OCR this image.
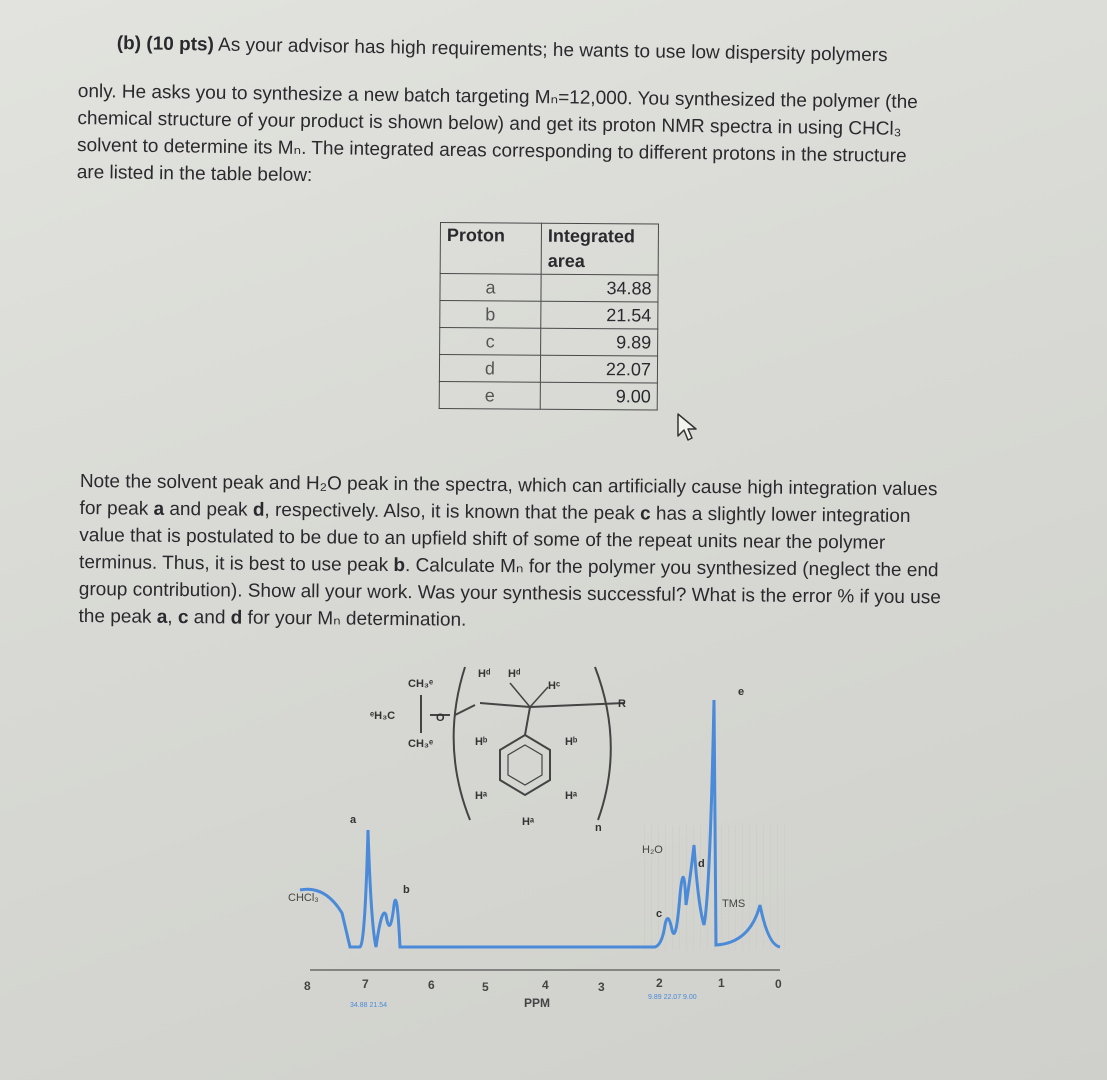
(b) (10 pts) As your advisor has high requirements; he wants to use low dispersity polymers
only. He asks you to synthesize a new batch targeting Mₙ=12,000. You synthesized the polymer (the
chemical structure of your product is shown below) and get its proton NMR spectra in using CHCl₃
solvent to determine its Mₙ. The integrated areas corresponding to different protons in the structure
are listed in the table below:
Proton	Integrated area
a	34.88
b	21.54
c	9.89
d	22.07
e	9.00
Note the solvent peak and H₂O peak in the spectra, which can artificially cause high integration values
for peak a and peak d, respectively. Also, it is known that the peak c has a slightly lower integration
value that is postulated to be due to an upfield shift of some of the repeat units near the polymer
terminus. Thus, it is best to use peak b. Calculate Mₙ for the polymer you synthesized (neglect the end
group contribution). Show all your work. Was your synthesis successful? What is the error % if you use
the peak a, c and d for your Mₙ determination.
CH₃ᵉ
ᵉH₃C
CH₃ᵉ
O
Hᵈ Hᵈ
Hᶜ
Hᵇ	Hᵇ
Hᵃ	Hᵃ
Hᵃ
R
n
a
b
c
d
e
CHCl₃
H₂O
TMS
8	7	6	5	4	3	2	1	0
PPM
34.88 21.54
9.89 22.07 9.00
